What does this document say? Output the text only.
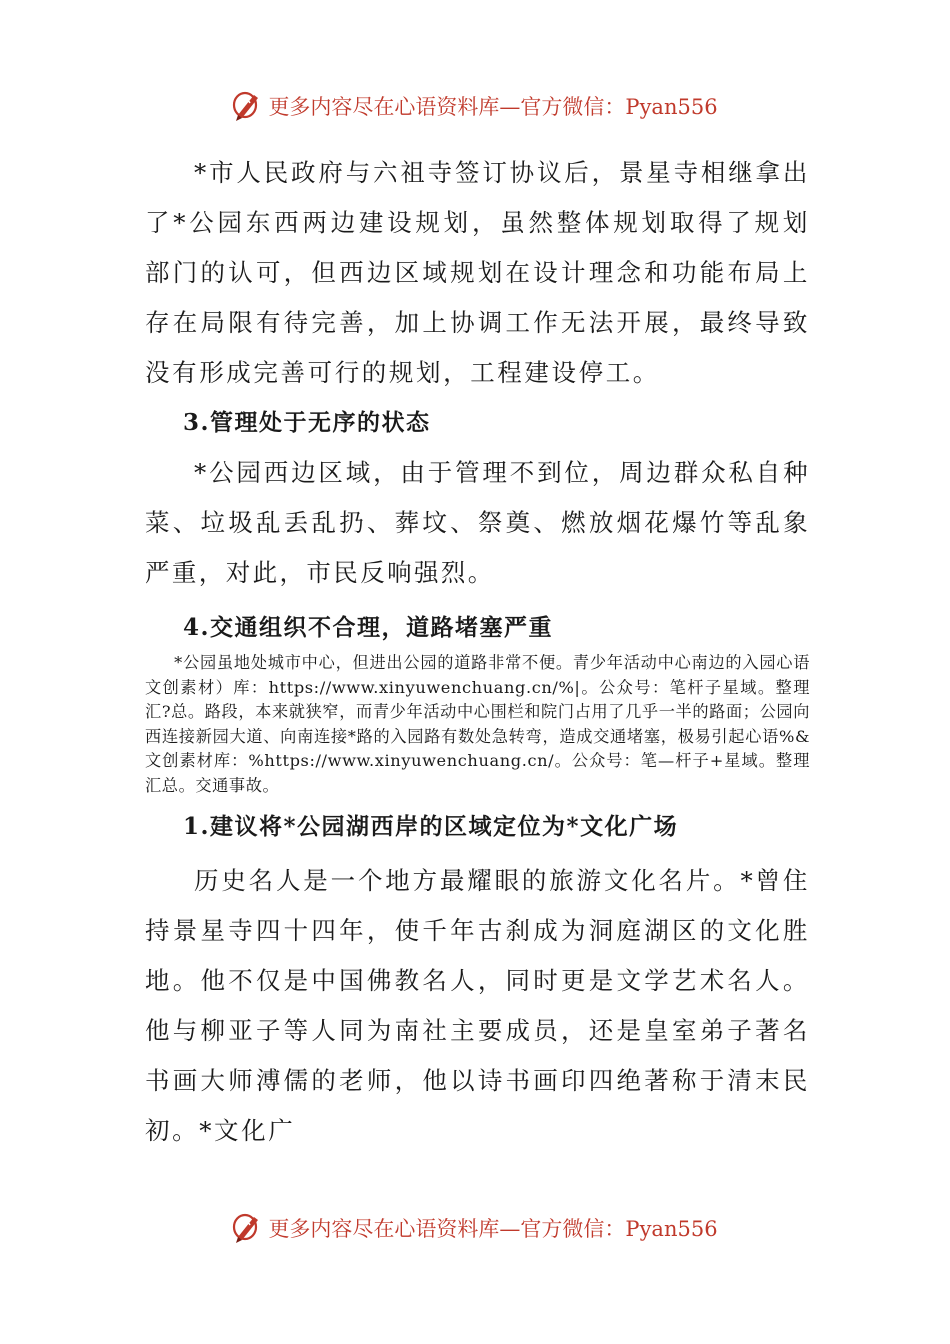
更多内容尽在心语资料库—官方微信：Pyan556

*市人民政府与六祖寺签订协议后，景星寺相继拿出了*公园东西两边建设规划，虽然整体规划取得了规划部门的认可，但西边区域规划在设计理念和功能布局上存在局限有待完善，加上协调工作无法开展，最终导致没有形成完善可行的规划，工程建设停工。

3.管理处于无序的状态

*公园西边区域，由于管理不到位，周边群众私自种菜、垃圾乱丢乱扔、葬坟、祭奠、燃放烟花爆竹等乱象严重，对此，市民反响强烈。

4.交通组织不合理，道路堵塞严重

*公园虽地处城市中心，但进出公园的道路非常不便。青少年活动中心南边的入园心语文创素材）库：https://www.xinyuwenchuang.cn/%|。公众号：笔杆子星域。整理汇?总。路段，本来就狭窄，而青少年活动中心围栏和院门占用了几乎一半的路面；公园向西连接新园大道、向南连接*路的入园路有数处急转弯，造成交通堵塞，极易引起心语%&文创素材库：%https://www.xinyuwenchuang.cn/。公众号：笔—杆子+星域。整理汇总。交通事故。

1.建议将*公园湖西岸的区域定位为*文化广场

历史名人是一个地方最耀眼的旅游文化名片。*曾住持景星寺四十四年，使千年古刹成为洞庭湖区的文化胜地。他不仅是中国佛教名人，同时更是文学艺术名人。他与柳亚子等人同为南社主要成员，还是皇室弟子著名书画大师溥儒的老师，他以诗书画印四绝著称于清末民初。*文化广

更多内容尽在心语资料库—官方微信：Pyan556
